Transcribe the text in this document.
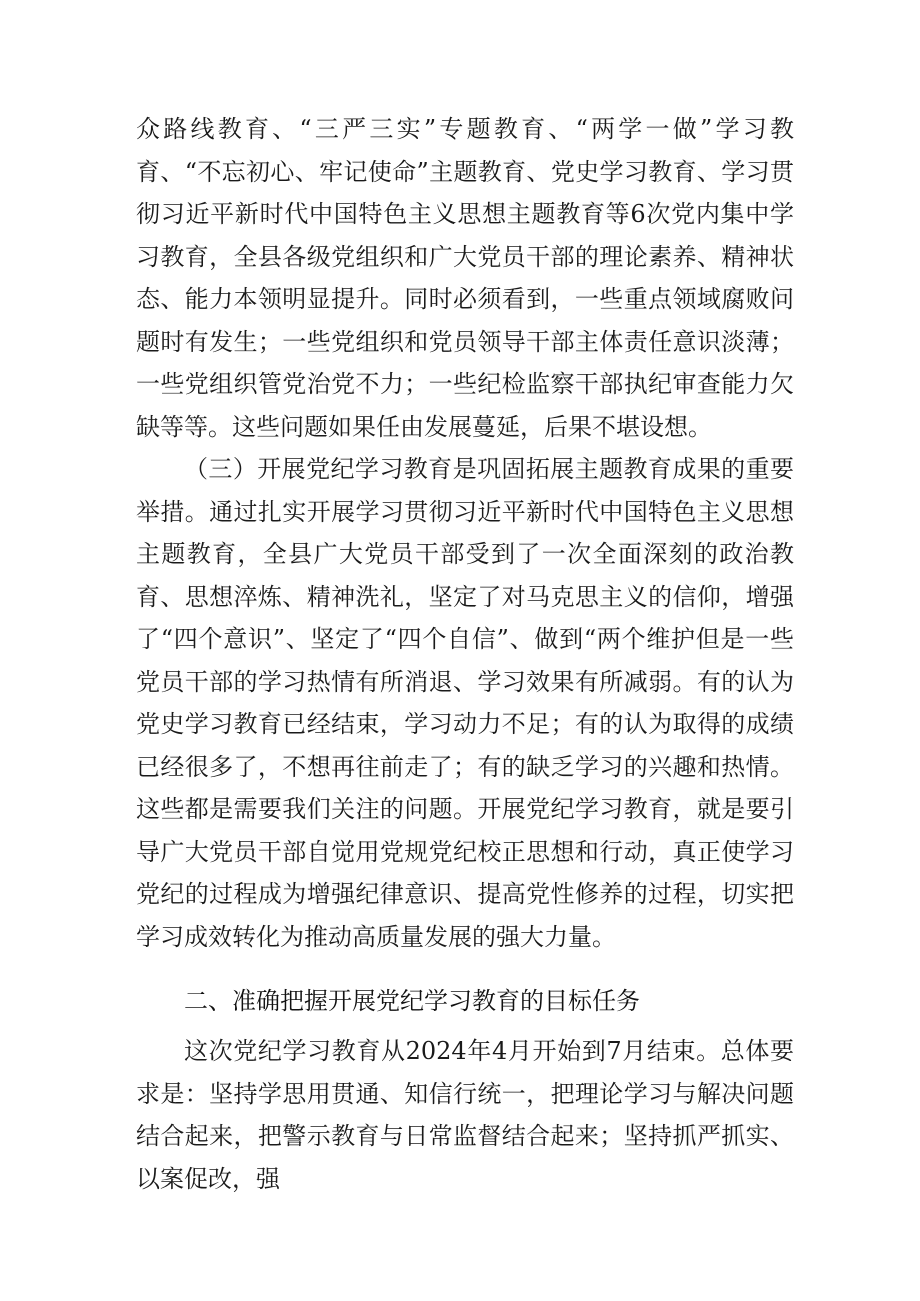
众路线教育、“三严三实”专题教育、“两学一做”学习教育、“不忘初心、牢记使命”主题教育、党史学习教育、学习贯彻习近平新时代中国特色主义思想主题教育等6次党内集中学习教育，全县各级党组织和广大党员干部的理论素养、精神状态、能力本领明显提升。同时必须看到，一些重点领域腐败问题时有发生；一些党组织和党员领导干部主体责任意识淡薄；一些党组织管党治党不力；一些纪检监察干部执纪审查能力欠缺等等。这些问题如果任由发展蔓延，后果不堪设想。

（三）开展党纪学习教育是巩固拓展主题教育成果的重要举措。通过扎实开展学习贯彻习近平新时代中国特色主义思想主题教育，全县广大党员干部受到了一次全面深刻的政治教育、思想淬炼、精神洗礼，坚定了对马克思主义的信仰，增强了“四个意识”、坚定了“四个自信”、做到“两个维护但是一些党员干部的学习热情有所消退、学习效果有所减弱。有的认为党史学习教育已经结束，学习动力不足；有的认为取得的成绩已经很多了，不想再往前走了；有的缺乏学习的兴趣和热情。这些都是需要我们关注的问题。开展党纪学习教育，就是要引导广大党员干部自觉用党规党纪校正思想和行动，真正使学习党纪的过程成为增强纪律意识、提高党性修养的过程，切实把学习成效转化为推动高质量发展的强大力量。

二、准确把握开展党纪学习教育的目标任务

这次党纪学习教育从2024年4月开始到7月结束。总体要求是：坚持学思用贯通、知信行统一，把理论学习与解决问题结合起来，把警示教育与日常监督结合起来；坚持抓严抓实、以案促改，强
